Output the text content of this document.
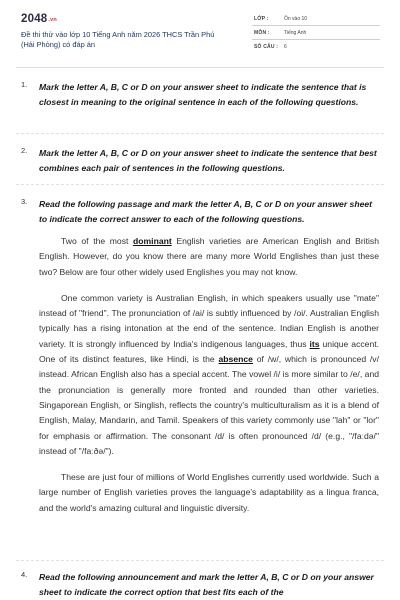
2048.vn
Đề thi thử vào lớp 10 Tiếng Anh năm 2026 THCS Trần Phú (Hải Phòng) có đáp án
LỚP :	Ôn vào 10
MÔN :	Tiếng Anh
SỐ CÂU : 6
1. Mark the letter A, B, C or D on your answer sheet to indicate the sentence that is closest in meaning to the original sentence in each of the following questions.
2. Mark the letter A, B, C or D on your answer sheet to indicate the sentence that best combines each pair of sentences in the following questions.
3. Read the following passage and mark the letter A, B, C or D on your answer sheet to indicate the correct answer to each of the following questions.

Two of the most dominant English varieties are American English and British English. However, do you know there are many more World Englishes than just these two? Below are four other widely used Englishes you may not know.

One common variety is Australian English, in which speakers usually use "mate" instead of "friend". The pronunciation of /ai/ is subtly influenced by /oi/. Australian English typically has a rising intonation at the end of the sentence. Indian English is another variety. It is strongly influenced by India's indigenous languages, thus its unique accent. One of its distinct features, like Hindi, is the absence of /w/, which is pronounced /v/ instead. African English also has a special accent. The vowel /i/ is more similar to /e/, and the pronunciation is generally more fronted and rounded than other varieties. Singaporean English, or Singlish, reflects the country's multiculturalism as it is a blend of English, Malay, Mandarin, and Tamil. Speakers of this variety commonly use "lah" or "lor" for emphasis or affirmation. The consonant /d/ is often pronounced /d/ (e.g., "/faːdə/" instead of "/faːðə/").

These are just four of millions of World Englishes currently used worldwide. Such a large number of English varieties proves the language's adaptability as a lingua franca, and the world's amazing cultural and linguistic diversity.

4. Read the following announcement and mark the letter A, B, C or D on your answer sheet to indicate the correct option that best fits each of the
